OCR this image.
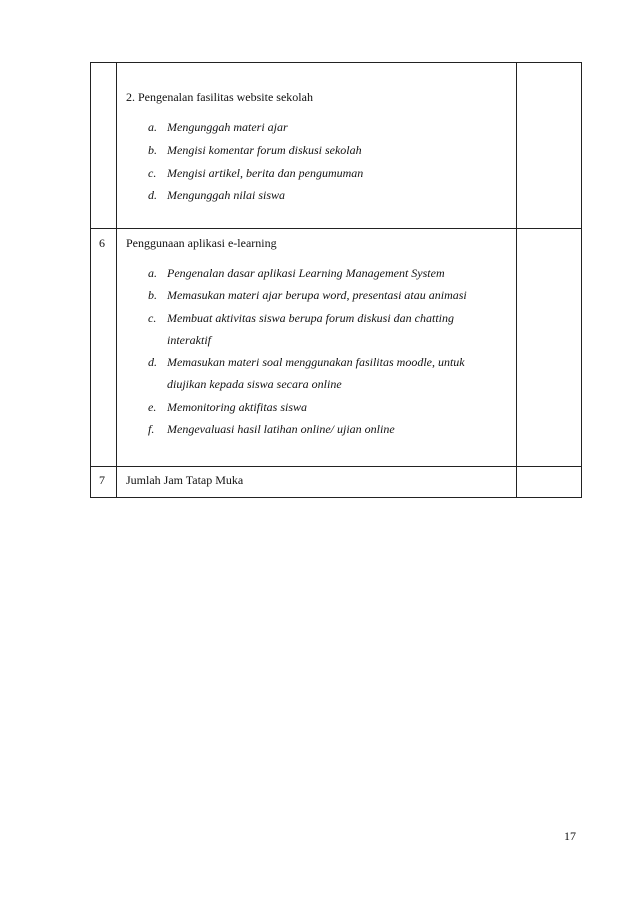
2. Pengenalan fasilitas website sekolah
a. Mengunggah materi ajar
b. Mengisi komentar forum diskusi sekolah
c. Mengisi artikel, berita dan pengumuman
d. Mengunggah nilai siswa
6 Penggunaan aplikasi e-learning
a. Pengenalan dasar aplikasi Learning Management System
b. Memasukan materi ajar berupa word, presentasi atau animasi
c. Membuat aktivitas siswa berupa forum diskusi dan chatting
interaktif
d. Memasukan materi soal menggunakan fasilitas moodle, untuk
diujikan kepada siswa secara online
e. Memonitoring aktifitas siswa
f. Mengevaluasi hasil latihan online/ ujian online
7 Jumlah Jam Tatap Muka
17
